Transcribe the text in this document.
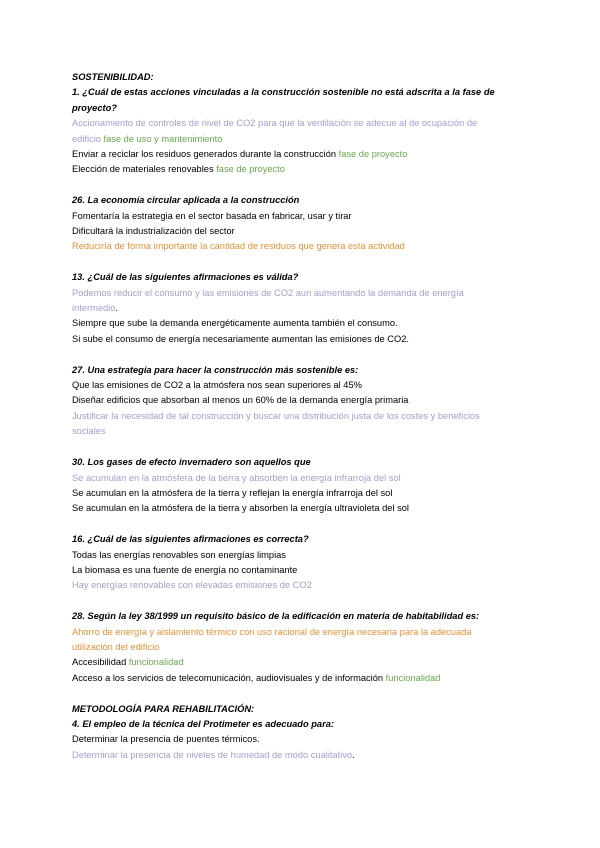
SOSTENIBILIDAD:

1. ¿Cuál de estas acciones vinculadas a la construcción sostenible no está adscrita a la fase de proyecto?

Accionamiento de controles de nivel de CO2 para que la ventilación se adecue al de ocupación de
edificio fase de uso y mantenimiento

Enviar a reciclar los residuos generados durante la construcción fase de proyecto

Elección de materiales renovables fase de proyecto

26. La economía circular aplicada a la construcción

Fomentaría la estrategia en el sector basada en fabricar, usar y tirar

Dificultará la industrialización del sector

Reduciría de forma importante la cantidad de residuos que genera esta actividad

13. ¿Cuál de las siguientes afirmaciones es válida?

Podemos reducir el consumo y las emisiones de CO2 aun aumentando la demanda de energía
intermedio.

Siempre que sube la demanda energéticamente aumenta también el consumo.

Si sube el consumo de energía necesariamente aumentan las emisiones de CO2.

27. Una estrategia para hacer la construcción más sostenible es:

Que las emisiones de CO2 a la atmósfera nos sean superiores al 45%

Diseñar edificios que absorban al menos un 60% de la demanda energía primaria

Justificar la necesidad de tal construcción y buscar una distribución justa de los costes y beneficios
sociales

30. Los gases de efecto invernadero son aquellos que

Se acumulan en la atmósfera de la tierra y absorben la energía infrarroja del sol

Se acumulan en la atmósfera de la tierra y reflejan la energía infrarroja del sol

Se acumulan en la atmósfera de la tierra y absorben la energía ultravioleta del sol

16. ¿Cuál de las siguientes afirmaciones es correcta?

Todas las energías renovables son energías limpias

La biomasa es una fuente de energía no contaminante

Hay energías renovables con elevadas emisiones de CO2

28. Según la ley 38/1999 un requisito básico de la edificación en materia de habitabilidad es:

Ahorro de energía y aislamiento térmico con uso racional de energía necesaria para la adecuada
utilización del edificio

Accesibilidad funcionalidad

Acceso a los servicios de telecomunicación, audiovisuales y de información funcionalidad

METODOLOGÍA PARA REHABILITACIÓN:

4. El empleo de la técnica del Protimeter es adecuado para:

Determinar la presencia de puentes térmicos.

Determinar la presencia de niveles de humedad de modo cualitativo.
